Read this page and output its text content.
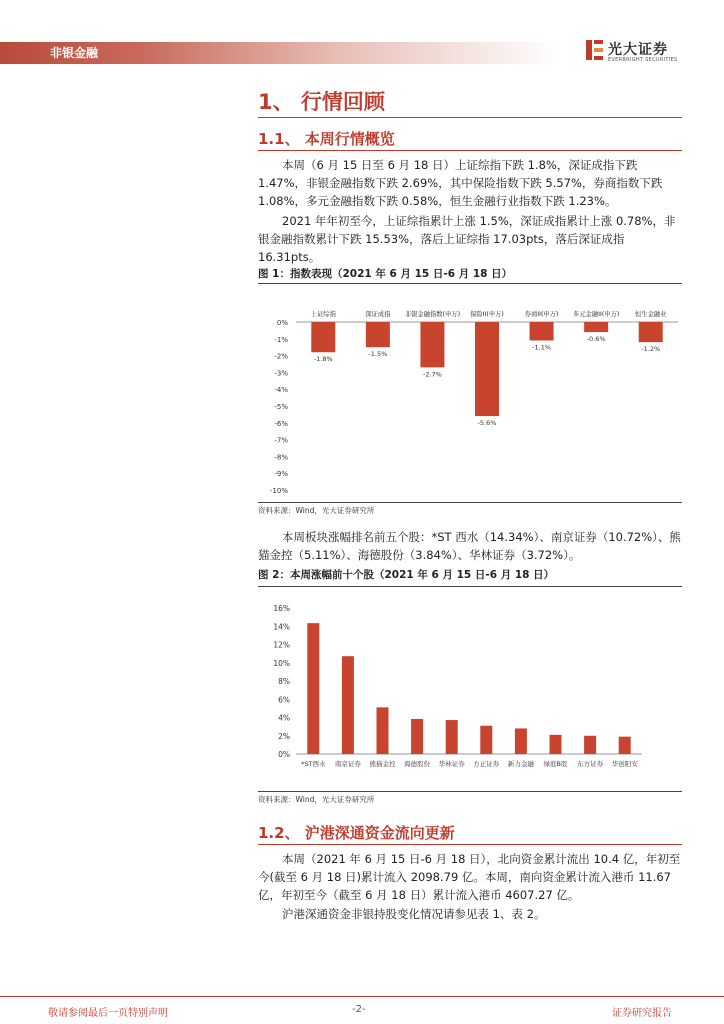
非银金融	光大证券
EVERBRIGHT SECURITIES
1、 行情回顾
1.1、 本周行情概览
本周（6 月 15 日至 6 月 18 日）上证综指下跌 1.8%，深证成指下跌 1.47%，非银金融指数下跌 2.69%，其中保险指数下跌 5.57%，券商指数下跌 1.08%，多元金融指数下跌 0.58%，恒生金融行业指数下跌 1.23%。
2021 年年初至今，上证综指累计上涨 1.5%，深证成指累计上涨 0.78%，非银金融指数累计下跌 15.53%，落后上证综指 17.03pts，落后深证成指 16.31pts。
图 1：指数表现（2021 年 6 月 15 日-6 月 18 日）
0%
-1%
-2%
-3%
-4%
-5%
-6%
-7%
-8%
-9%
-10%
上证综指
-1.8%
深证成指
-1.5%
非银金融指数(申万)
-2.7%
保险II(申万)
-5.6%
券商II(申万)
-1.1%
多元金融II(申万)
-0.6%
恒生金融业
-1.2%
资料来源：Wind，光大证券研究所
本周板块涨幅排名前五个股：*ST 西水（14.34%）、南京证券（10.72%）、熊猫金控（5.11%）、海德股份（3.84%）、华林证券（3.72%）。
图 2：本周涨幅前十个股（2021 年 6 月 15 日-6 月 18 日）
0%
2%
4%
6%
8%
10%
12%
14%
16%
*ST西水 南京证券 熊猫金控 海德股份 华林证券 方正证券 新力金融 绿庭B股 东方证券 华创阳安
资料来源：Wind，光大证券研究所
1.2、 沪港深通资金流向更新
本周（2021 年 6 月 15 日-6 月 18 日），北向资金累计流出 10.4 亿，年初至今(截至 6 月 18 日)累计流入 2098.79 亿。本周，南向资金累计流入港币 11.67 亿，年初至今（截至 6 月 18 日）累计流入港币 4607.27 亿。
沪港深通资金非银持股变化情况请参见表 1、表 2。
敬请参阅最后一页特别声明	-2-	证券研究报告
